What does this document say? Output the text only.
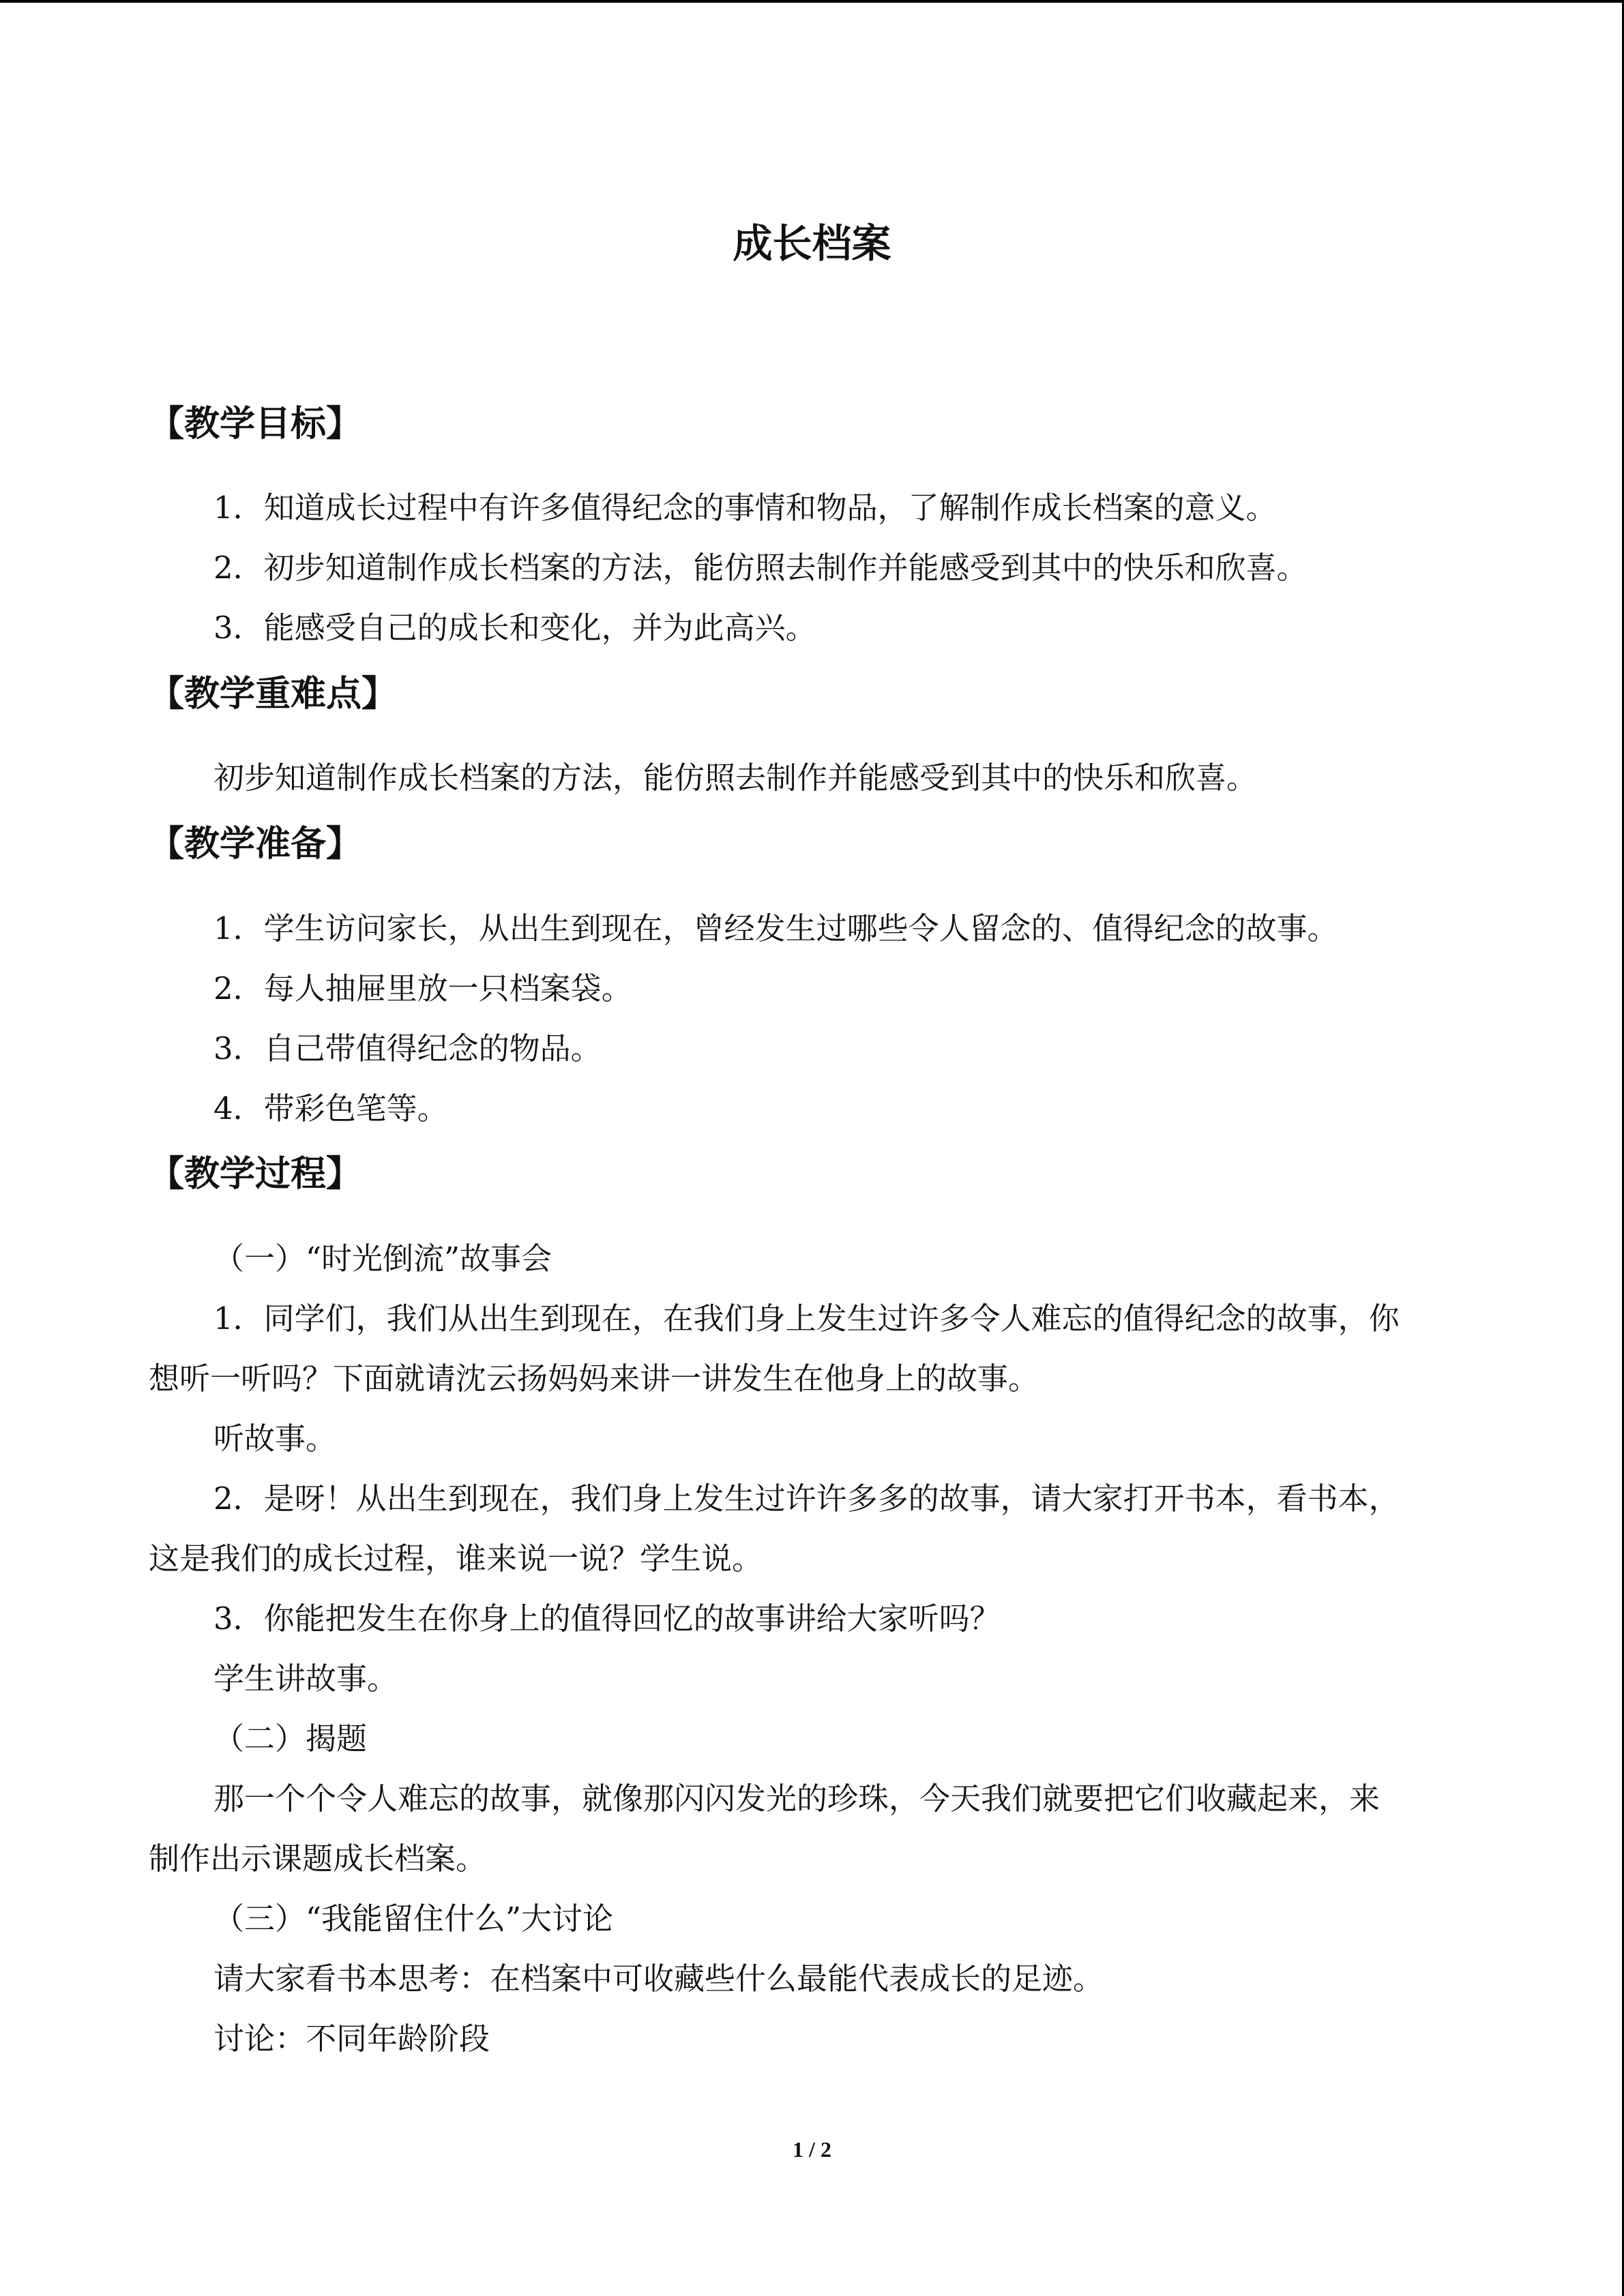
成长档案
【教学目标】
1．知道成长过程中有许多值得纪念的事情和物品，了解制作成长档案的意义。
2．初步知道制作成长档案的方法，能仿照去制作并能感受到其中的快乐和欣喜。
3．能感受自己的成长和变化，并为此高兴。
【教学重难点】
初步知道制作成长档案的方法，能仿照去制作并能感受到其中的快乐和欣喜。
【教学准备】
1．学生访问家长，从出生到现在，曾经发生过哪些令人留念的、值得纪念的故事。
2．每人抽屉里放一只档案袋。
3．自己带值得纪念的物品。
4．带彩色笔等。
【教学过程】
（一）“时光倒流”故事会
1．同学们，我们从出生到现在，在我们身上发生过许多令人难忘的值得纪念的故事，你
想听一听吗？下面就请沈云扬妈妈来讲一讲发生在他身上的故事。
听故事。
2．是呀！从出生到现在，我们身上发生过许许多多的故事，请大家打开书本，看书本，
这是我们的成长过程，谁来说一说？学生说。
3．你能把发生在你身上的值得回忆的故事讲给大家听吗？
学生讲故事。
（二）揭题
那一个个令人难忘的故事，就像那闪闪发光的珍珠，今天我们就要把它们收藏起来，来
制作出示课题成长档案。
（三）“我能留住什么”大讨论
请大家看书本思考：在档案中可收藏些什么最能代表成长的足迹。
讨论：不同年龄阶段
1 / 2
